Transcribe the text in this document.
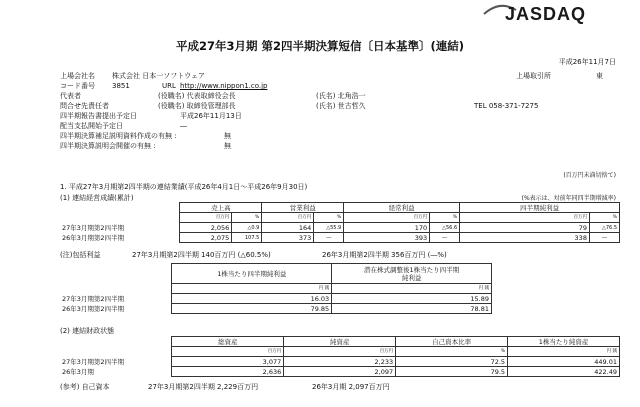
JASDAQ
平成27年3月期 第2四半期決算短信〔日本基準〕(連結)
平成26年11月7日
上場会社名 株式会社 日本一ソフトウェア	上場取引所	東
コード番号 3851	URL http://www.nippon1.co.jp
代表者	(役職名) 代表取締役会長	(氏名) 北角浩一
問合せ先責任者	(役職名) 取締役管理部長	(氏名) 世古哲久	TEL 058-371-7275
四半期報告書提出予定日	平成26年11月13日
配当支払開始予定日	―
四半期決算補足説明資料作成の有無 :	無
四半期決算説明会開催の有無 :	無
(百万円未満切捨て)
1. 平成27年3月期第2四半期の連結業績(平成26年4月1日～平成26年9月30日)
(1) 連結経営成績(累計)	(%表示は、対前年同四半期増減率)
	売上高		営業利益		経常利益		四半期純利益	
	百万円	%	百万円	%	百万円	%	百万円	%
27年3月期第2四半期	2,056	△0.9	164	△55.9	170	△56.6	79	△76.5
26年3月期第2四半期	2,075	107.5	373	―	393	―	338	―
(注)包括利益	27年3月期第2四半期 140百万円 (△60.5%)	26年3月期第2四半期 356百万円 (―%)
	1株当たり四半期純利益	潜在株式調整後1株当たり四半期
純利益

	円 銭	円 銭
27年3月期第2四半期	16.03	15.89
26年3月期第2四半期	79.85	78.81
(2) 連結財政状態
	総資産	純資産	自己資本比率	1株当たり純資産
	百万円	百万円	%	円 銭
27年3月期第2四半期	3,077	2,233	72.5	449.01
26年3月期	2,636	2,097	79.5	422.49
(参考) 自己資本	27年3月期第2四半期 2,229百万円	26年3月期 2,097百万円
